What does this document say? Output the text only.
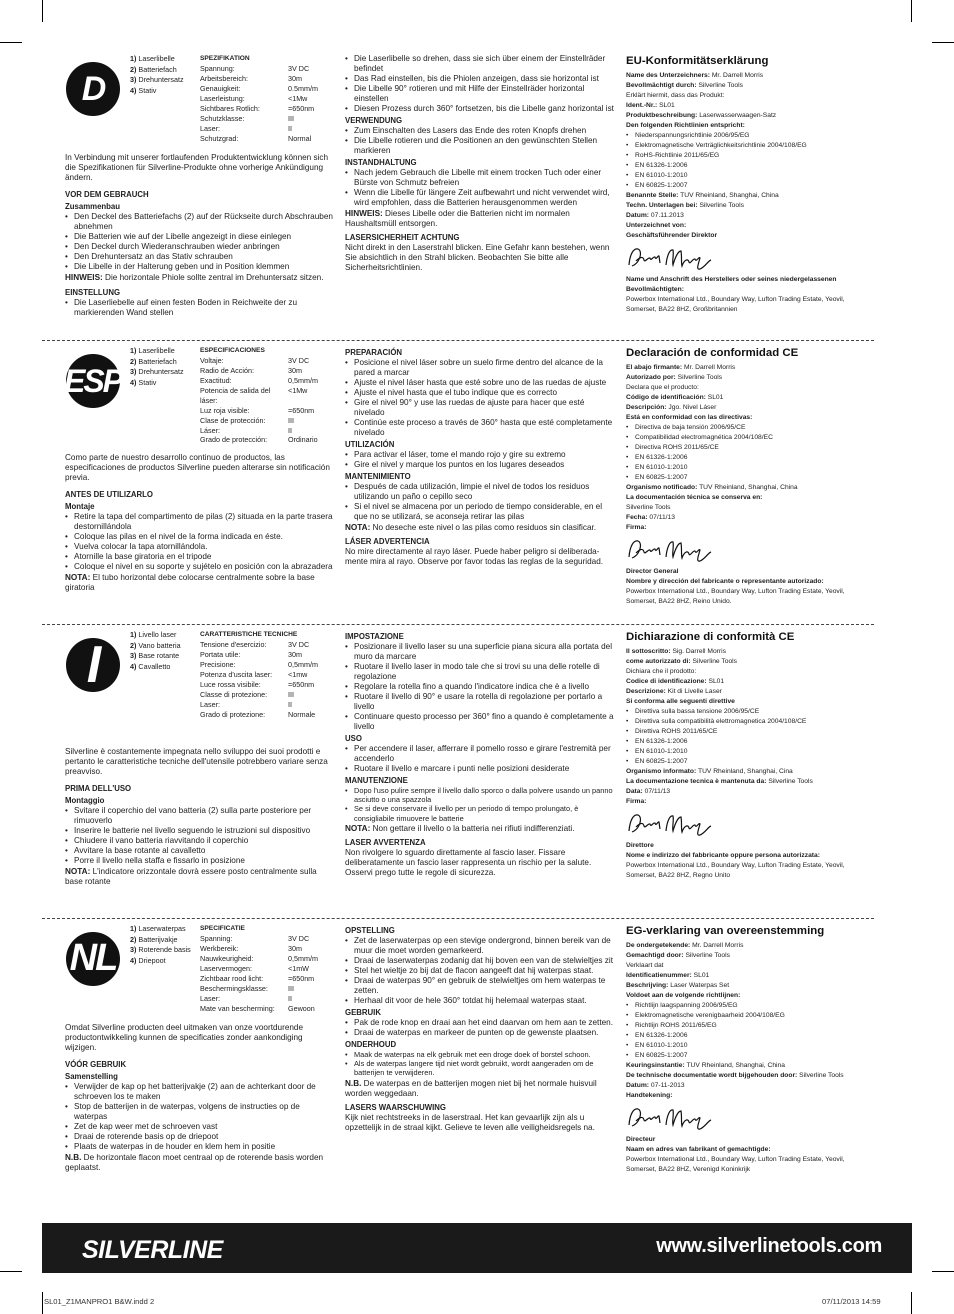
D
1) Laserlibelle
2) Batteriefach
3) Drehuntersatz
4) Stativ
SPEZIFIKATION
Spannung:	3V DC
Arbeitsbereich:	30m
Genauigkeit:	0.5mm/m
Laserleistung:	<1Mw
Sichtbares Rotlich:	=650nm
Schutzklasse:	III
Laser:	II
Schutzgrad:	Normal
In Verbindung mit unserer fortlaufenden Produktentwicklung können sich die Spezifikationen für Silverline-Produkte ohne vorherige Ankündigung ändern.
VOR DEM GEBRAUCH
Zusammenbau
• Den Deckel des Batteriefachs (2) auf der Rückseite durch Abschrauben abnehmen
• Die Batterien wie auf der Libelle angezeigt in diese einlegen
• Den Deckel durch Wiederanschrauben wieder anbringen
• Den Drehuntersatz an das Stativ schrauben
• Die Libelle in der Halterung geben und in Position klemmen
HINWEIS: Die horizontale Phiole sollte zentral im Drehuntersatz sitzen.
EINSTELLUNG
• Die Laserliebelle auf einen festen Boden in Reichweite der zu markierenden Wand stellen
• Die Laserlibelle so drehen, dass sie sich über einem der Einstellräder befindet
• Das Rad einstellen, bis die Phiolen anzeigen, dass sie horizontal ist
• Die Libelle 90° rotieren und mit Hilfe der Einstellräder horizontal einstellen
• Diesen Prozess durch 360° fortsetzen, bis die Libelle ganz horizontal ist
VERWENDUNG
• Zum Einschalten des Lasers das Ende des roten Knopfs drehen
• Die Libelle rotieren und die Positionen an den gewünschten Stellen markieren
INSTANDHALTUNG
• Nach jedem Gebrauch die Libelle mit einem trocken Tuch oder einer Bürste von Schmutz befreien
• Wenn die Libelle für längere Zeit aufbewahrt und nicht verwendet wird, wird empfohlen, dass die Batterien herausgenommen werden
HINWEIS: Dieses Libelle oder die Batterien nicht im normalen Haushaltsmüll entsorgen.
LASERSICHERHEIT ACHTUNG
Nicht direkt in den Laserstrahl blicken. Eine Gefahr kann bestehen, wenn Sie absichtlich in den Strahl blicken. Beobachten Sie bitte alle Sicherheitsrichtlinien.
EU-Konformitätserklärung
Name des Unterzeichners: Mr. Darrell Morris
Bevollmächtigt durch: Silverline Tools
Erklärt hiermit, dass das Produkt:
Ident.-Nr.: SL01
Produktbeschreibung: Laserwasserwaagen-Satz
Den folgenden Richtlinien entspricht:
• Niederspannungsrichtlinie 2006/95/EG
• Elektromagnetische Verträglichkeitsrichtlinie 2004/108/EG
• RoHS-Richtlinie 2011/65/EG
• EN 61326-1:2006
• EN 61010-1:2010
• EN 60825-1:2007
Benannte Stelle: TUV Rheinland, Shanghai, China
Techn. Unterlagen bei: Silverline Tools
Datum: 07.11.2013
Unterzeichnet von:
Geschäftsführender Direktor
Name und Anschrift des Herstellers oder seines niedergelassenen Bevollmächtigten:
Powerbox International Ltd., Boundary Way, Lufton Trading Estate, Yeovil, Somerset, BA22 8HZ, Großbritannien
ESP
1) Laserlibelle
2) Batteriefach
3) Drehuntersatz
4) Stativ
ESPECIFICACIONES
Voltaje:	3V DC
Radio de Acción:	30m
Exactitud:	0,5mm/m
Potencia de salida del láser:	<1Mw
Luz roja visible:	=650nm
Clase de protección:	III
Láser:	II
Grado de protección:	Ordinario
Como parte de nuestro desarrollo continuo de productos, las especificaciones de productos Silverline pueden alterarse sin notificación previa.
ANTES DE UTILIZARLO
Montaje
• Retire la tapa del compartimento de pilas (2) situada en la parte trasera destornillándola
• Coloque las pilas en el nivel de la forma indicada en éste.
• Vuelva colocar la tapa atornillándola.
• Atornille la base giratoria en el tripode
• Coloque el nivel en su soporte y sujételo en posición con la abrazadera
NOTA: El tubo horizontal debe colocarse centralmente sobre la base giratoria
PREPARACIÓN
• Posicione el nivel láser sobre un suelo firme dentro del alcance de la pared a marcar
• Ajuste el nivel láser hasta que esté sobre uno de las ruedas de ajuste
• Ajuste el nivel hasta que el tubo indique que es correcto
• Gire el nivel 90° y use las ruedas de ajuste para hacer que esté nivelado
• Continúe este proceso a través de 360° hasta que esté completamente nivelado
UTILIZACIÓN
• Para activar el láser, tome el mando rojo y gire su extremo
• Gire el nivel y marque los puntos en los lugares deseados
MANTENIMIENTO
• Después de cada utilización, limpie el nivel de todos los residuos utilizando un paño o cepillo seco
• Si el nivel se almacena por un periodo de tiempo considerable, en el que no se utilizará, se aconseja retirar las pilas
NOTA: No deseche este nivel o las pilas como residuos sin clasificar.
LÁSER ADVERTENCIA
No mire directamente al rayo láser. Puede haber peligro si deliberada-mente mira al rayo. Observe por favor todas las reglas de la seguridad.
Declaración de conformidad CE
El abajo firmante: Mr. Darrell Morris
Autorizado por: Silverline Tools
Declara que el producto:
Código de identificación: SL01
Descripción: Jgo. Nivel Láser
Está en conformidad con las directivas:
• Directiva de baja tensión 2006/95/CE
• Compatibilidad electromagnética 2004/108/EC
• Directiva ROHS 2011/65/CE
• EN 61326-1:2006
• EN 61010-1:2010
• EN 60825-1:2007
Organismo notificado: TUV Rheinland, Shanghai, China
La documentación técnica se conserva en:
Silverline Tools
Fecha: 07/11/13
Firma:
Director General
Nombre y dirección del fabricante o representante autorizado:
Powerbox International Ltd., Boundary Way, Lufton Trading Estate, Yeovil, Somerset, BA22 8HZ, Reino Unido.
I
1) Livello laser
2) Vano batteria
3) Base rotante
4) Cavalletto
CARATTERISTICHE TECNICHE
Tensione d'esercizio:	3V DC
Portata utile:	30m
Precisione:	0,5mm/m
Potenza d'uscita laser:	<1mw
Luce rossa visibile:	=650nm
Classe di protezione:	III
Laser:	II
Grado di protezione:	Normale
Silverline è costantemente impegnata nello sviluppo dei suoi prodotti e pertanto le caratteristiche tecniche dell'utensile potrebbero variare senza preavviso.
PRIMA DELL'USO
Montaggio
• Svitare il coperchio del vano batteria (2) sulla parte posteriore per rimuoverlo
• Inserire le batterie nel livello seguendo le istruzioni sul dispositivo
• Chiudere il vano batteria riavvitando il coperchio
• Avvitare la base rotante al cavalletto
• Porre il livello nella staffa e fissarlo in posizione
NOTA: L'indicatore orizzontale dovrà essere posto centralmente sulla base rotante
IMPOSTAZIONE
• Posizionare il livello laser su una superficie piana sicura alla portata del muro da marcare
• Ruotare il livello laser in modo tale che si trovi su una delle rotelle di regolazione
• Regolare la rotella fino a quando l'indicatore indica che è a livello
• Ruotare il livello di 90° e usare la rotella di regolazione per portarlo a livello
• Continuare questo processo per 360° fino a quando è completamente a livello
USO
• Per accendere il laser, afferrare il pomello rosso e girare l'estremità per accenderlo
• Ruotare il livello e marcare i punti nelle posizioni desiderate
MANUTENZIONE
• Dopo l'uso pulire sempre il livello dallo sporco o dalla polvere usando un panno asciutto o una spazzola
• Se si deve conservare il livello per un periodo di tempo prolungato, è consigliabile rimuovere le batterie
NOTA: Non gettare il livello o la batteria nei rifiuti indifferenziati.
LASER AVVERTENZA
Non rivolgere lo sguardo direttamente al fascio laser. Fissare deliberatamente un fascio laser rappresenta un rischio per la salute. Osservi prego tutte le regole di sicurezza.
Dichiarazione di conformità CE
Il sottoscritto: Sig. Darrell Morris
come autorizzato di: Silverline Tools
Dichiara che il prodotto:
Codice di identificazione: SL01
Descrizione: Kit di Livelle Laser
Si conforma alle seguenti direttive
• Direttiva sulla bassa tensione 2006/95/CE
• Direttiva sulla compatibilità elettromagnetica 2004/108/CE
• Direttiva ROHS 2011/65/CE
• EN 61326-1:2006
• EN 61010-1:2010
• EN 60825-1:2007
Organismo informato: TUV Rheinland, Shanghai, Cina
La documentazione tecnica è mantenuta da: Silverline Tools
Data: 07/11/13
Firma:
Direttore
Nome e indirizzo del fabbricante oppure persona autorizzata:
Powerbox International Ltd., Boundary Way, Lufton Trading Estate, Yeovil, Somerset, BA22 8HZ, Regno Unito
NL
1) Laserwaterpas
2) Batterijvakje
3) Roterende basis
4) Driepoot
SPECIFICATIE
Spanning:	3V DC
Werkbereik:	30m
Nauwkeurigheid:	0,5mm/m
Laservermogen:	<1mW
Zichtbaar rood licht:	=650nm
Beschermingsklasse:	III
Laser:	II
Mate van bescherming:	Gewoon
Omdat Silverline producten deel uitmaken van onze voortdurende productontwikkeling kunnen de specificaties zonder aankondiging wijzigen.
VÓÓR GEBRUIK
Samenstelling
• Verwijder de kap op het batterijvakje (2) aan de achterkant door de schroeven los te maken
• Stop de batterijen in de waterpas, volgens de instructies op de waterpas
• Zet de kap weer met de schroeven vast
• Draai de roterende basis op de driepoot
• Plaats de waterpas in de houder en klem hem in positie
N.B. De horizontale flacon moet centraal op de roterende basis worden geplaatst.
OPSTELLING
• Zet de laserwaterpas op een stevige ondergrond, binnen bereik van de muur die moet worden gemarkeerd.
• Draai de laserwaterpas zodanig dat hij boven een van de stelwieltjes zit
• Stel het wieltje zo bij dat de flacon aangeeft dat hij waterpas staat.
• Draai de waterpas 90° en gebruik de stelwieltjes om hem waterpas te zetten.
• Herhaal dit voor de hele 360° totdat hij helemaal waterpas staat.
GEBRUIK
• Pak de rode knop en draai aan het eind daarvan om hem aan te zetten.
• Draai de waterpas en markeer de punten op de gewenste plaatsen.
ONDERHOUD
• Maak de waterpas na elk gebruik met een droge doek of borstel schoon.
• Als de waterpas langere tijd niet wordt gebruikt, wordt aangeraden om de batterijen te verwijderen.
N.B. De waterpas en de batterijen mogen niet bij het normale huisvuil worden weggedaan.
LASERS WAARSCHUWING
Kijk niet rechtstreeks in de laserstraal. Het kan gevaarlijk zijn als u opzettelijk in de straal kijkt. Gelieve te leven alle veiligheidsregels na.
EG-verklaring van overeenstemming
De ondergetekende: Mr. Darrell Morris
Gemachtigd door: Silverline Tools
Verklaart dat
Identificatienummer: SL01
Beschrijving: Laser Waterpas Set
Voldoet aan de volgende richtlijnen:
• Richtlijn laagspanning 2006/95/EG
• Elektromagnetische verenigbaarheid 2004/108/EG
• Richtlijn ROHS 2011/65/EG
• EN 61326-1:2006
• EN 61010-1:2010
• EN 60825-1:2007
Keuringsinstantie: TUV Rheinland, Shanghai, China
De technische documentatie wordt bijgehouden door: Silverline Tools
Datum: 07-11-2013
Handtekening:
Directeur
Naam en adres van fabrikant of gemachtigde:
Powerbox International Ltd., Boundary Way, Lufton Trading Estate, Yeovil, Somerset, BA22 8HZ, Verenigd Koninkrijk
SILVERLINE	www.silverlinetools.com
SL01_Z1MANPRO1 B&W.indd 2	07/11/2013 14:59
